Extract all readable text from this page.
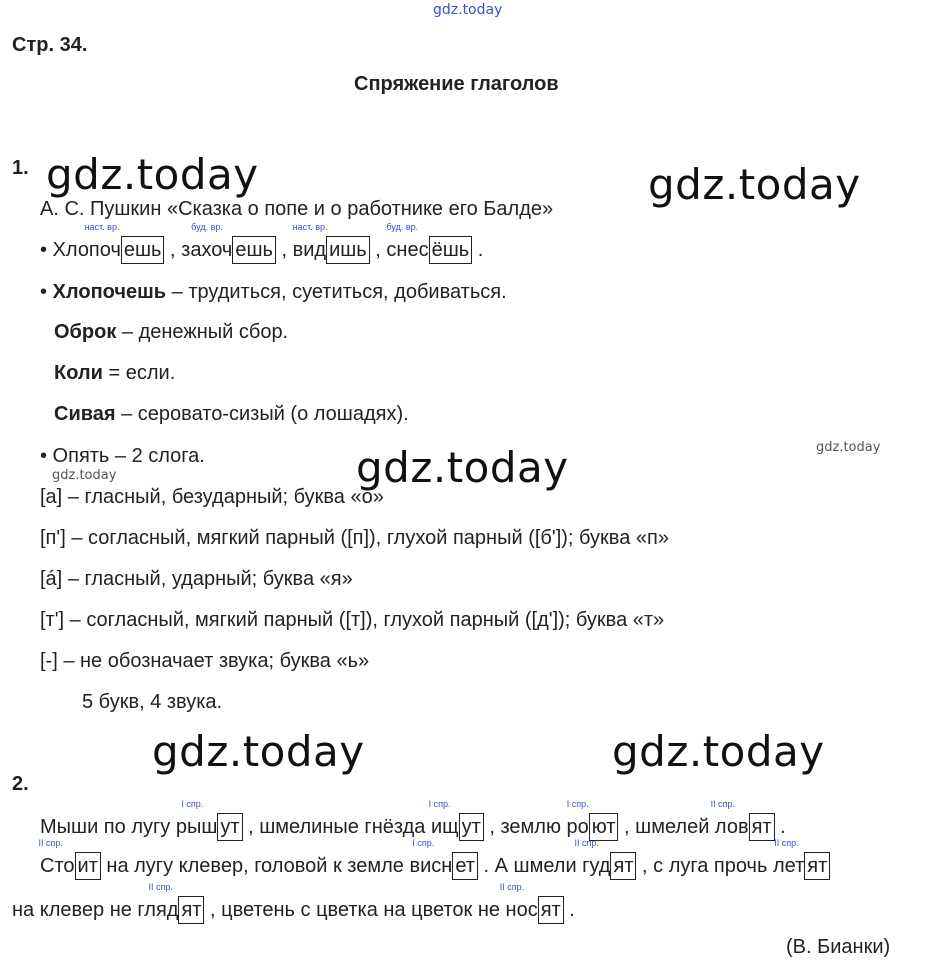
gdz.today
gdz.today
gdz.today
gdz.today	gdz.today
gdz.today
gdz.today	gdz.today
Стр. 34.
Спряжение глаголов
1.
А. С. Пушкин «Сказка о попе и о работнике его Балде»
•
наст. вр.
Хлопоч ешь ,
буд. вр.
захоч ешь ,
наст. вр.
вид ишь ,
буд. вр.
снес ёшь .
• Хлопочешь – трудиться, суетиться, добиваться.
Оброк – денежный сбор.
Коли = если.
Сивая – серовато-сизый (о лошадях).
• Опять – 2 слога.
[а] – гласный, безударный; буква «о»
[п'] – согласный, мягкий парный ([п]), глухой парный ([б']); буква «п»
[á] – гласный, ударный; буква «я»
[т'] – согласный, мягкий парный ([т]), глухой парный ([д']); буква «т»
[-] – не обозначает звука; буква «ь»
5 букв, 4 звука.
2.
Мыши по лугу рыш
I спр.
ут , шмелиные гнёзда ищ
I спр.
ут , землю ро
I спр.
ют , шмелей лов
II спр.
ят .
Сто
II спр.
ит на лугу клевер, головой к земле висн
I спр.
ет . А шмели гуд
II спр.
ят , с луга прочь лет
II спр.
ят
на клевер не гляд
II спр.
ят , цветень с цветка на цветок не нос
II спр.
ят .
(В. Бианки)
